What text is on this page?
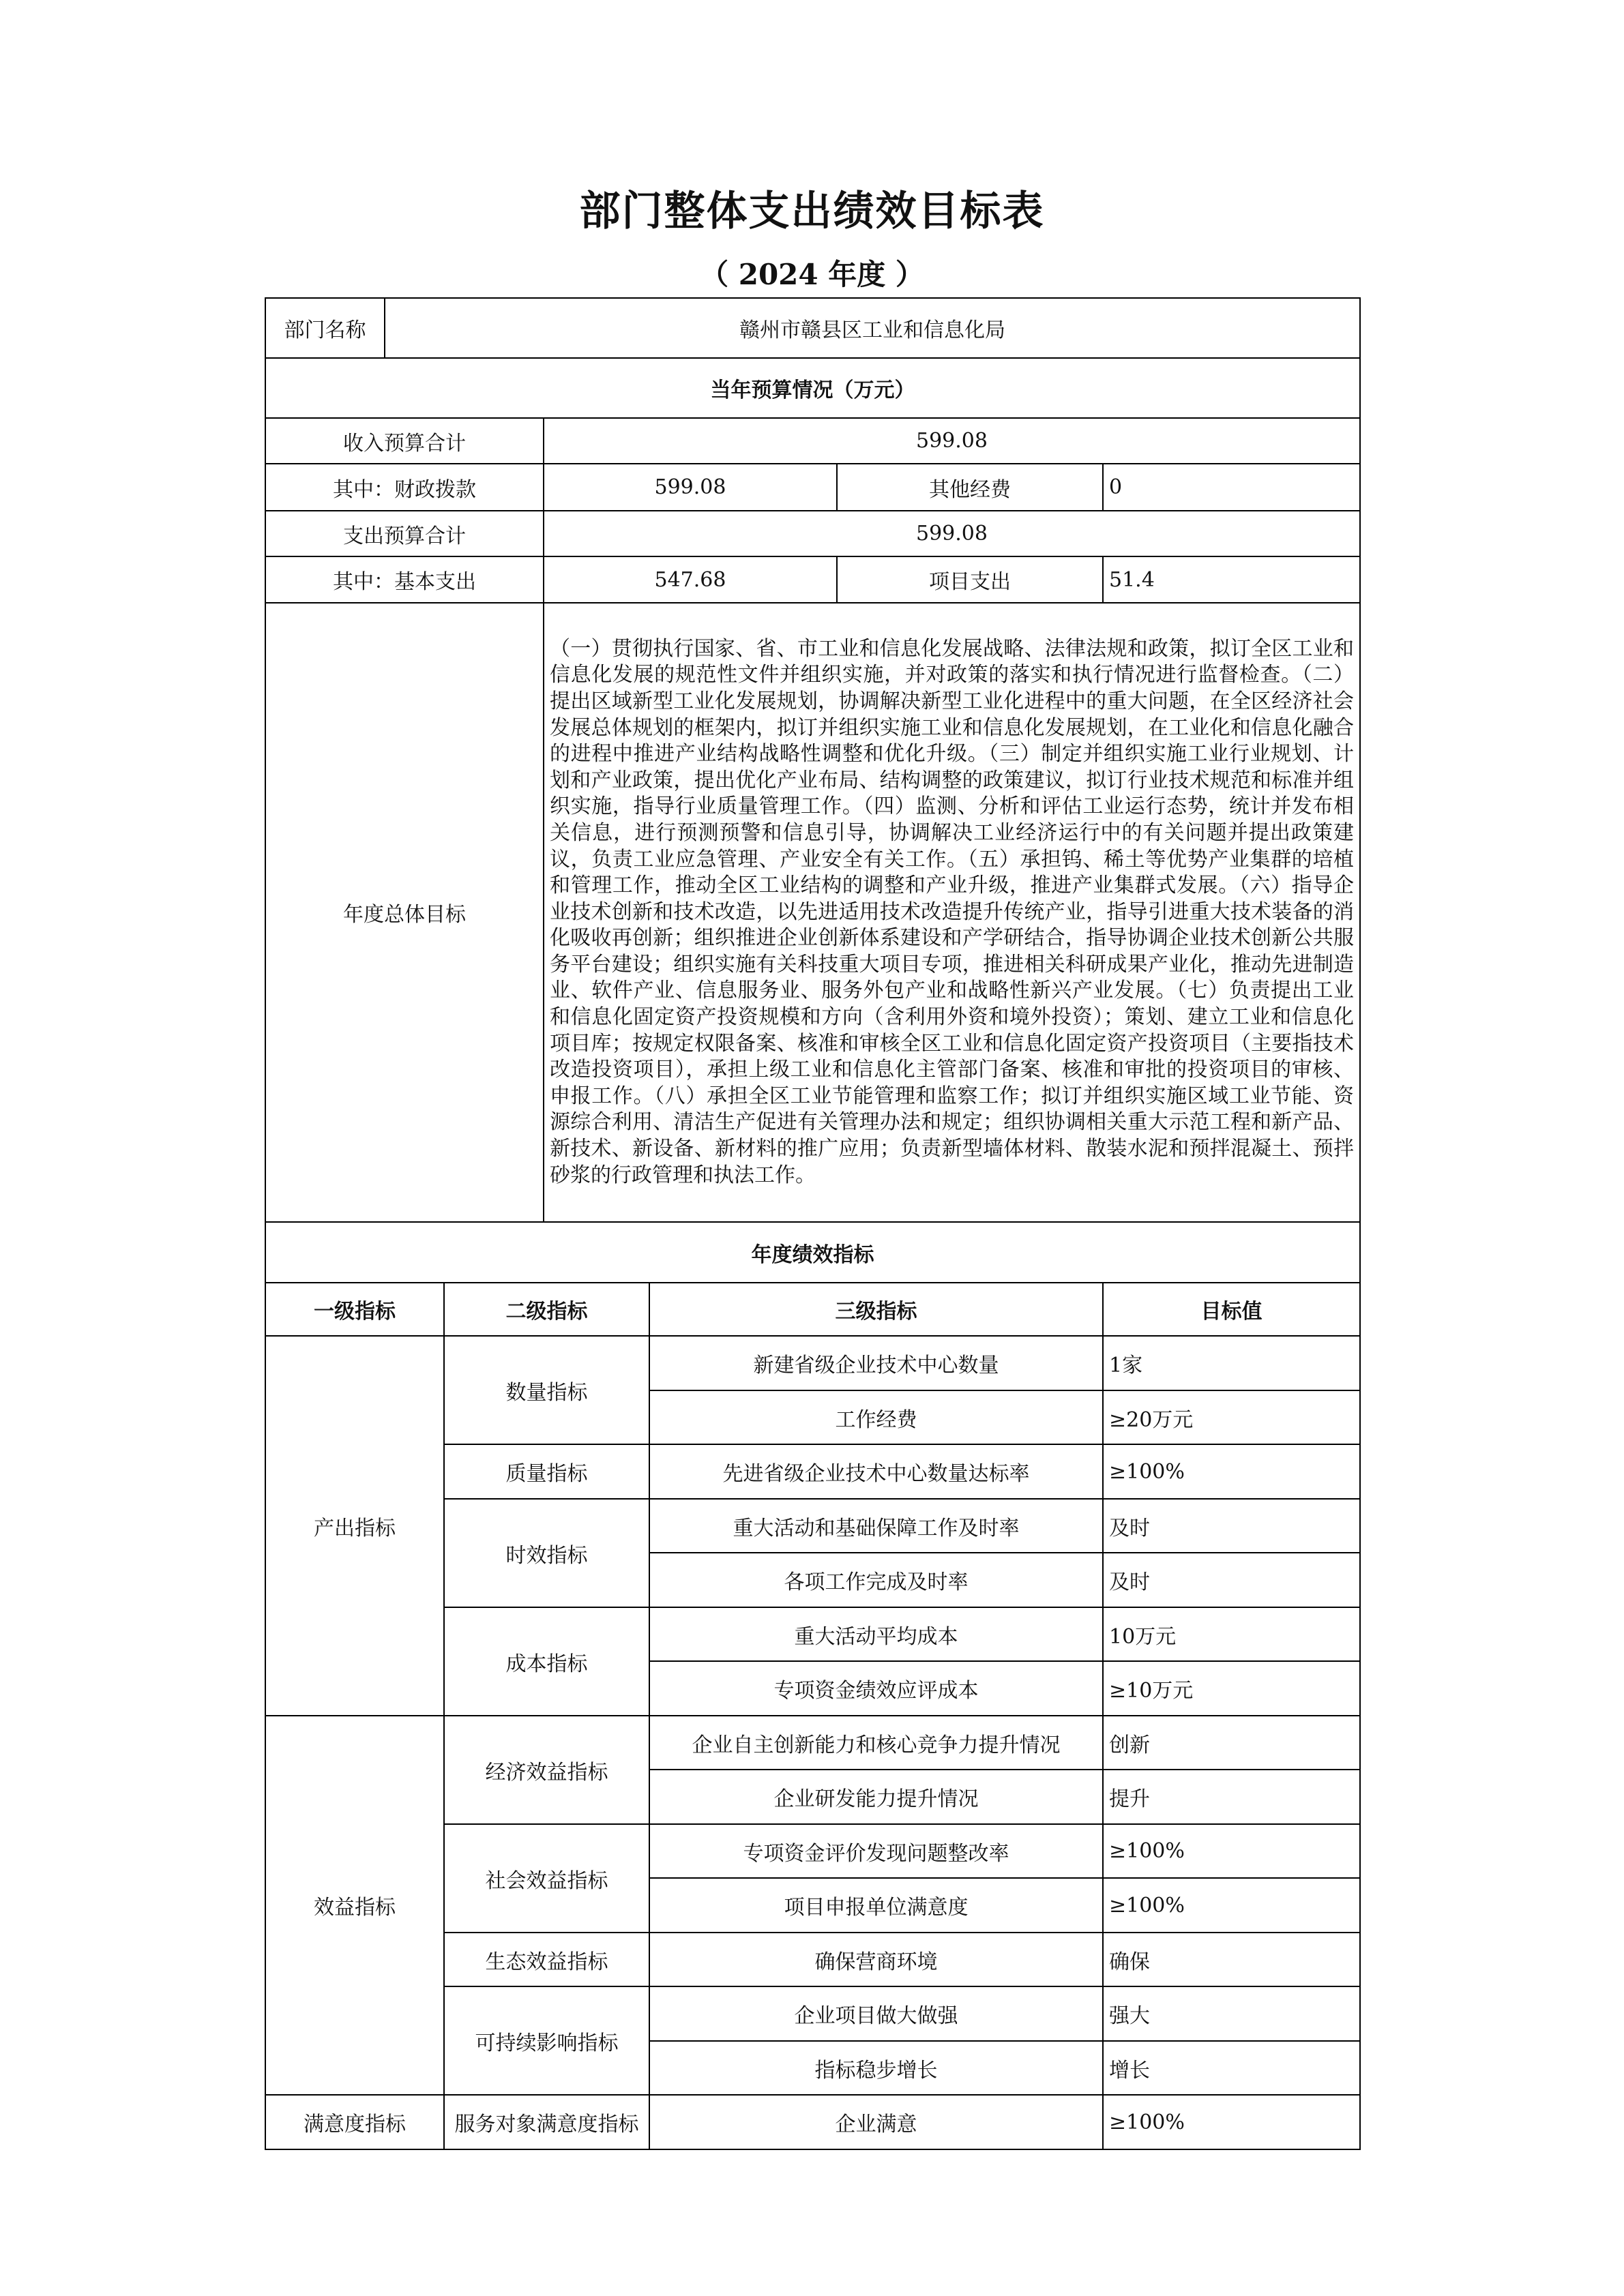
部门整体支出绩效目标表
（ 2024 年度 ）
部门名称	赣州市赣县区工业和信息化局					
当年预算情况（万元）						
收入预算合计			599.08			
其中：财政拨款			599.08		其他经费	0
支出预算合计			599.08			
其中：基本支出			547.68		项目支出	51.4
年度总体目标			（一）贯彻执行国家、省、市工业和信息化发展战略、法律法规和政策，拟订全区工业和信息化发展的规范性文件并组织实施，并对政策的落实和执行情况进行监督检查。（二）提出区域新型工业化发展规划，协调解决新型工业化进程中的重大问题，在全区经济社会发展总体规划的框架内，拟订并组织实施工业和信息化发展规划，在工业化和信息化融合的进程中推进产业结构战略性调整和优化升级。（三）制定并组织实施工业行业规划、计划和产业政策，提出优化产业布局、结构调整的政策建议，拟订行业技术规范和标准并组织实施，指导行业质量管理工作。（四）监测、分析和评估工业运行态势，统计并发布相关信息，进行预测预警和信息引导，协调解决工业经济运行中的有关问题并提出政策建议，负责工业应急管理、产业安全有关工作。（五）承担钨、稀土等优势产业集群的培植和管理工作，推动全区工业结构的调整和产业升级，推进产业集群式发展。（六）指导企业技术创新和技术改造，以先进适用技术改造提升传统产业，指导引进重大技术装备的消化吸收再创新；组织推进企业创新体系建设和产学研结合，指导协调企业技术创新公共服务平台建设；组织实施有关科技重大项目专项，推进相关科研成果产业化，推动先进制造业、软件产业、信息服务业、服务外包产业和战略性新兴产业发展。（七）负责提出工业和信息化固定资产投资规模和方向（含利用外资和境外投资）；策划、建立工业和信息化项目库；按规定权限备案、核准和审核全区工业和信息化固定资产投资项目（主要指技术改造投资项目），承担上级工业和信息化主管部门备案、核准和审批的投资项目的审核、申报工作。（八）承担全区工业节能管理和监察工作；拟订并组织实施区域工业节能、资源综合利用、清洁生产促进有关管理办法和规定；组织协调相关重大示范工程和新产品、新技术、新设备、新材料的推广应用；负责新型墙体材料、散装水泥和预拌混凝土、预拌砂浆的行政管理和执法工作。			
年度绩效指标						
一级指标		二级指标		三级指标		目标值
产出指标		数量指标		新建省级企业技术中心数量		1家
				工作经费		≥20万元
		质量指标		先进省级企业技术中心数量达标率		≥100%
		时效指标		重大活动和基础保障工作及时率		及时
				各项工作完成及时率		及时
		成本指标		重大活动平均成本		10万元
				专项资金绩效应评成本		≥10万元
效益指标		经济效益指标		企业自主创新能力和核心竞争力提升情况		创新
				企业研发能力提升情况		提升
		社会效益指标		专项资金评价发现问题整改率		≥100%
				项目申报单位满意度		≥100%
		生态效益指标		确保营商环境		确保
		可持续影响指标		企业项目做大做强		强大
				指标稳步增长		增长
满意度指标		服务对象满意度指标		企业满意		≥100%
